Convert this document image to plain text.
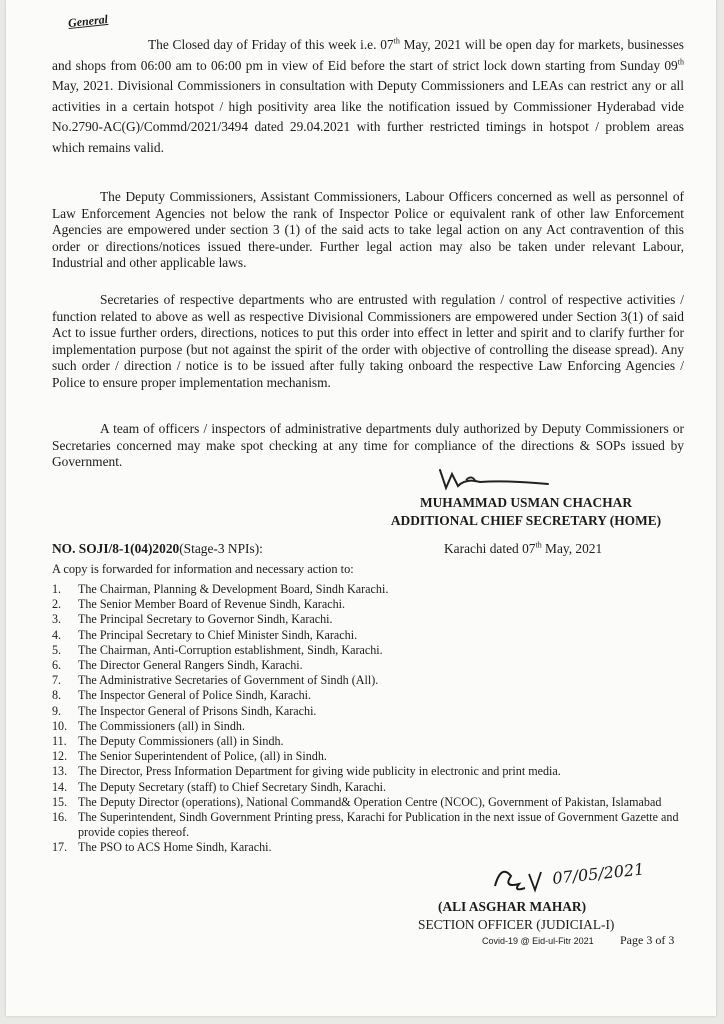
General

The Closed day of Friday of this week i.e. 07th May, 2021 will be open day for markets, businesses and shops from 06:00 am to 06:00 pm in view of Eid before the start of strict lock down starting from Sunday 09th May, 2021. Divisional Commissioners in consultation with Deputy Commissioners and LEAs can restrict any or all activities in a certain hotspot / high positivity area like the notification issued by Commissioner Hyderabad vide No.2790-AC(G)/Commd/2021/3494 dated 29.04.2021 with further restricted timings in hotspot / problem areas which remains valid.

The Deputy Commissioners, Assistant Commissioners, Labour Officers concerned as well as personnel of Law Enforcement Agencies not below the rank of Inspector Police or equivalent rank of other law Enforcement Agencies are empowered under section 3 (1) of the said acts to take legal action on any Act contravention of this order or directions/notices issued there-under. Further legal action may also be taken under relevant Labour, Industrial and other applicable laws.

Secretaries of respective departments who are entrusted with regulation / control of respective activities / function related to above as well as respective Divisional Commissioners are empowered under Section 3(1) of said Act to issue further orders, directions, notices to put this order into effect in letter and spirit and to clarify further for implementation purpose (but not against the spirit of the order with objective of controlling the disease spread). Any such order / direction / notice is to be issued after fully taking onboard the respective Law Enforcing Agencies / Police to ensure proper implementation mechanism.

A team of officers / inspectors of administrative departments duly authorized by Deputy Commissioners or Secretaries concerned may make spot checking at any time for compliance of the directions & SOPs issued by Government.

MUHAMMAD USMAN CHACHAR
ADDITIONAL CHIEF SECRETARY (HOME)
NO. SOJI/8-1(04)2020(Stage-3 NPIs):	Karachi dated 07th May, 2021
A copy is forwarded for information and necessary action to:
1. The Chairman, Planning & Development Board, Sindh Karachi.
2. The Senior Member Board of Revenue Sindh, Karachi.
3. The Principal Secretary to Governor Sindh, Karachi.
4. The Principal Secretary to Chief Minister Sindh, Karachi.
5. The Chairman, Anti-Corruption establishment, Sindh, Karachi.
6. The Director General Rangers Sindh, Karachi.
7. The Administrative Secretaries of Government of Sindh (All).
8. The Inspector General of Police Sindh, Karachi.
9. The Inspector General of Prisons Sindh, Karachi.
10. The Commissioners (all) in Sindh.
11. The Deputy Commissioners (all) in Sindh.
12. The Senior Superintendent of Police, (all) in Sindh.
13. The Director, Press Information Department for giving wide publicity in electronic and print media.
14. The Deputy Secretary (staff) to Chief Secretary Sindh, Karachi.
15. The Deputy Director (operations), National Command& Operation Centre (NCOC), Government of Pakistan, Islamabad
16. The Superintendent, Sindh Government Printing press, Karachi for Publication in the next issue of Government Gazette and provide copies thereof.
17. The PSO to ACS Home Sindh, Karachi.
07/05/2021
(ALI ASGHAR MAHAR)
SECTION OFFICER (JUDICIAL-I)
Covid-19 @ Eid-ul-Fitr 2021 Page 3 of 3
